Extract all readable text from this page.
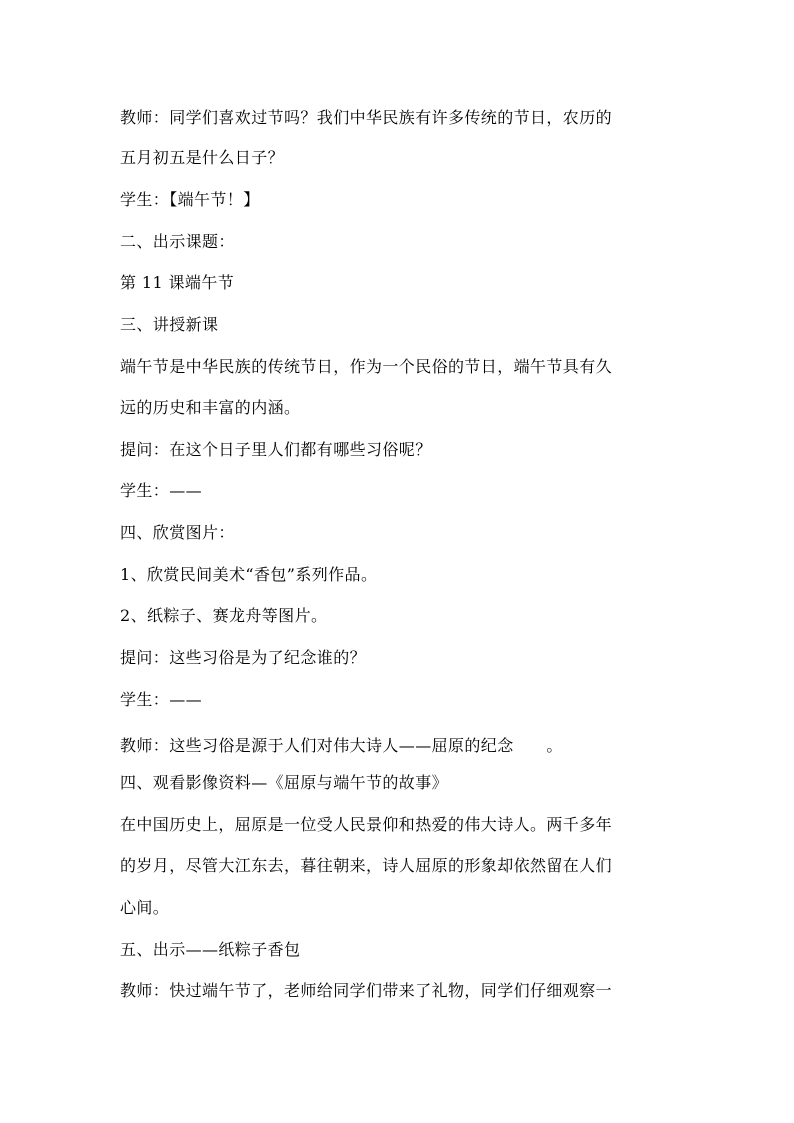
教师：同学们喜欢过节吗？我们中华民族有许多传统的节日，农历的
五月初五是什么日子？
学生：【端午节！】
二、出示课题：
第 11 课端午节
三、讲授新课
端午节是中华民族的传统节日，作为一个民俗的节日，端午节具有久
远的历史和丰富的内涵。
提问：在这个日子里人们都有哪些习俗呢？
学生：——
四、欣赏图片：
1、欣赏民间美术“香包”系列作品。
2、纸粽子、赛龙舟等图片。
提问：这些习俗是为了纪念谁的？
学生：——
教师：这些习俗是源于人们对伟大诗人——屈原的纪念　　。
四、观看影像资料—《屈原与端午节的故事》
在中国历史上，屈原是一位受人民景仰和热爱的伟大诗人。两千多年
的岁月，尽管大江东去，暮往朝来，诗人屈原的形象却依然留在人们
心间。
五、出示——纸粽子香包
教师：快过端午节了，老师给同学们带来了礼物，同学们仔细观察一
